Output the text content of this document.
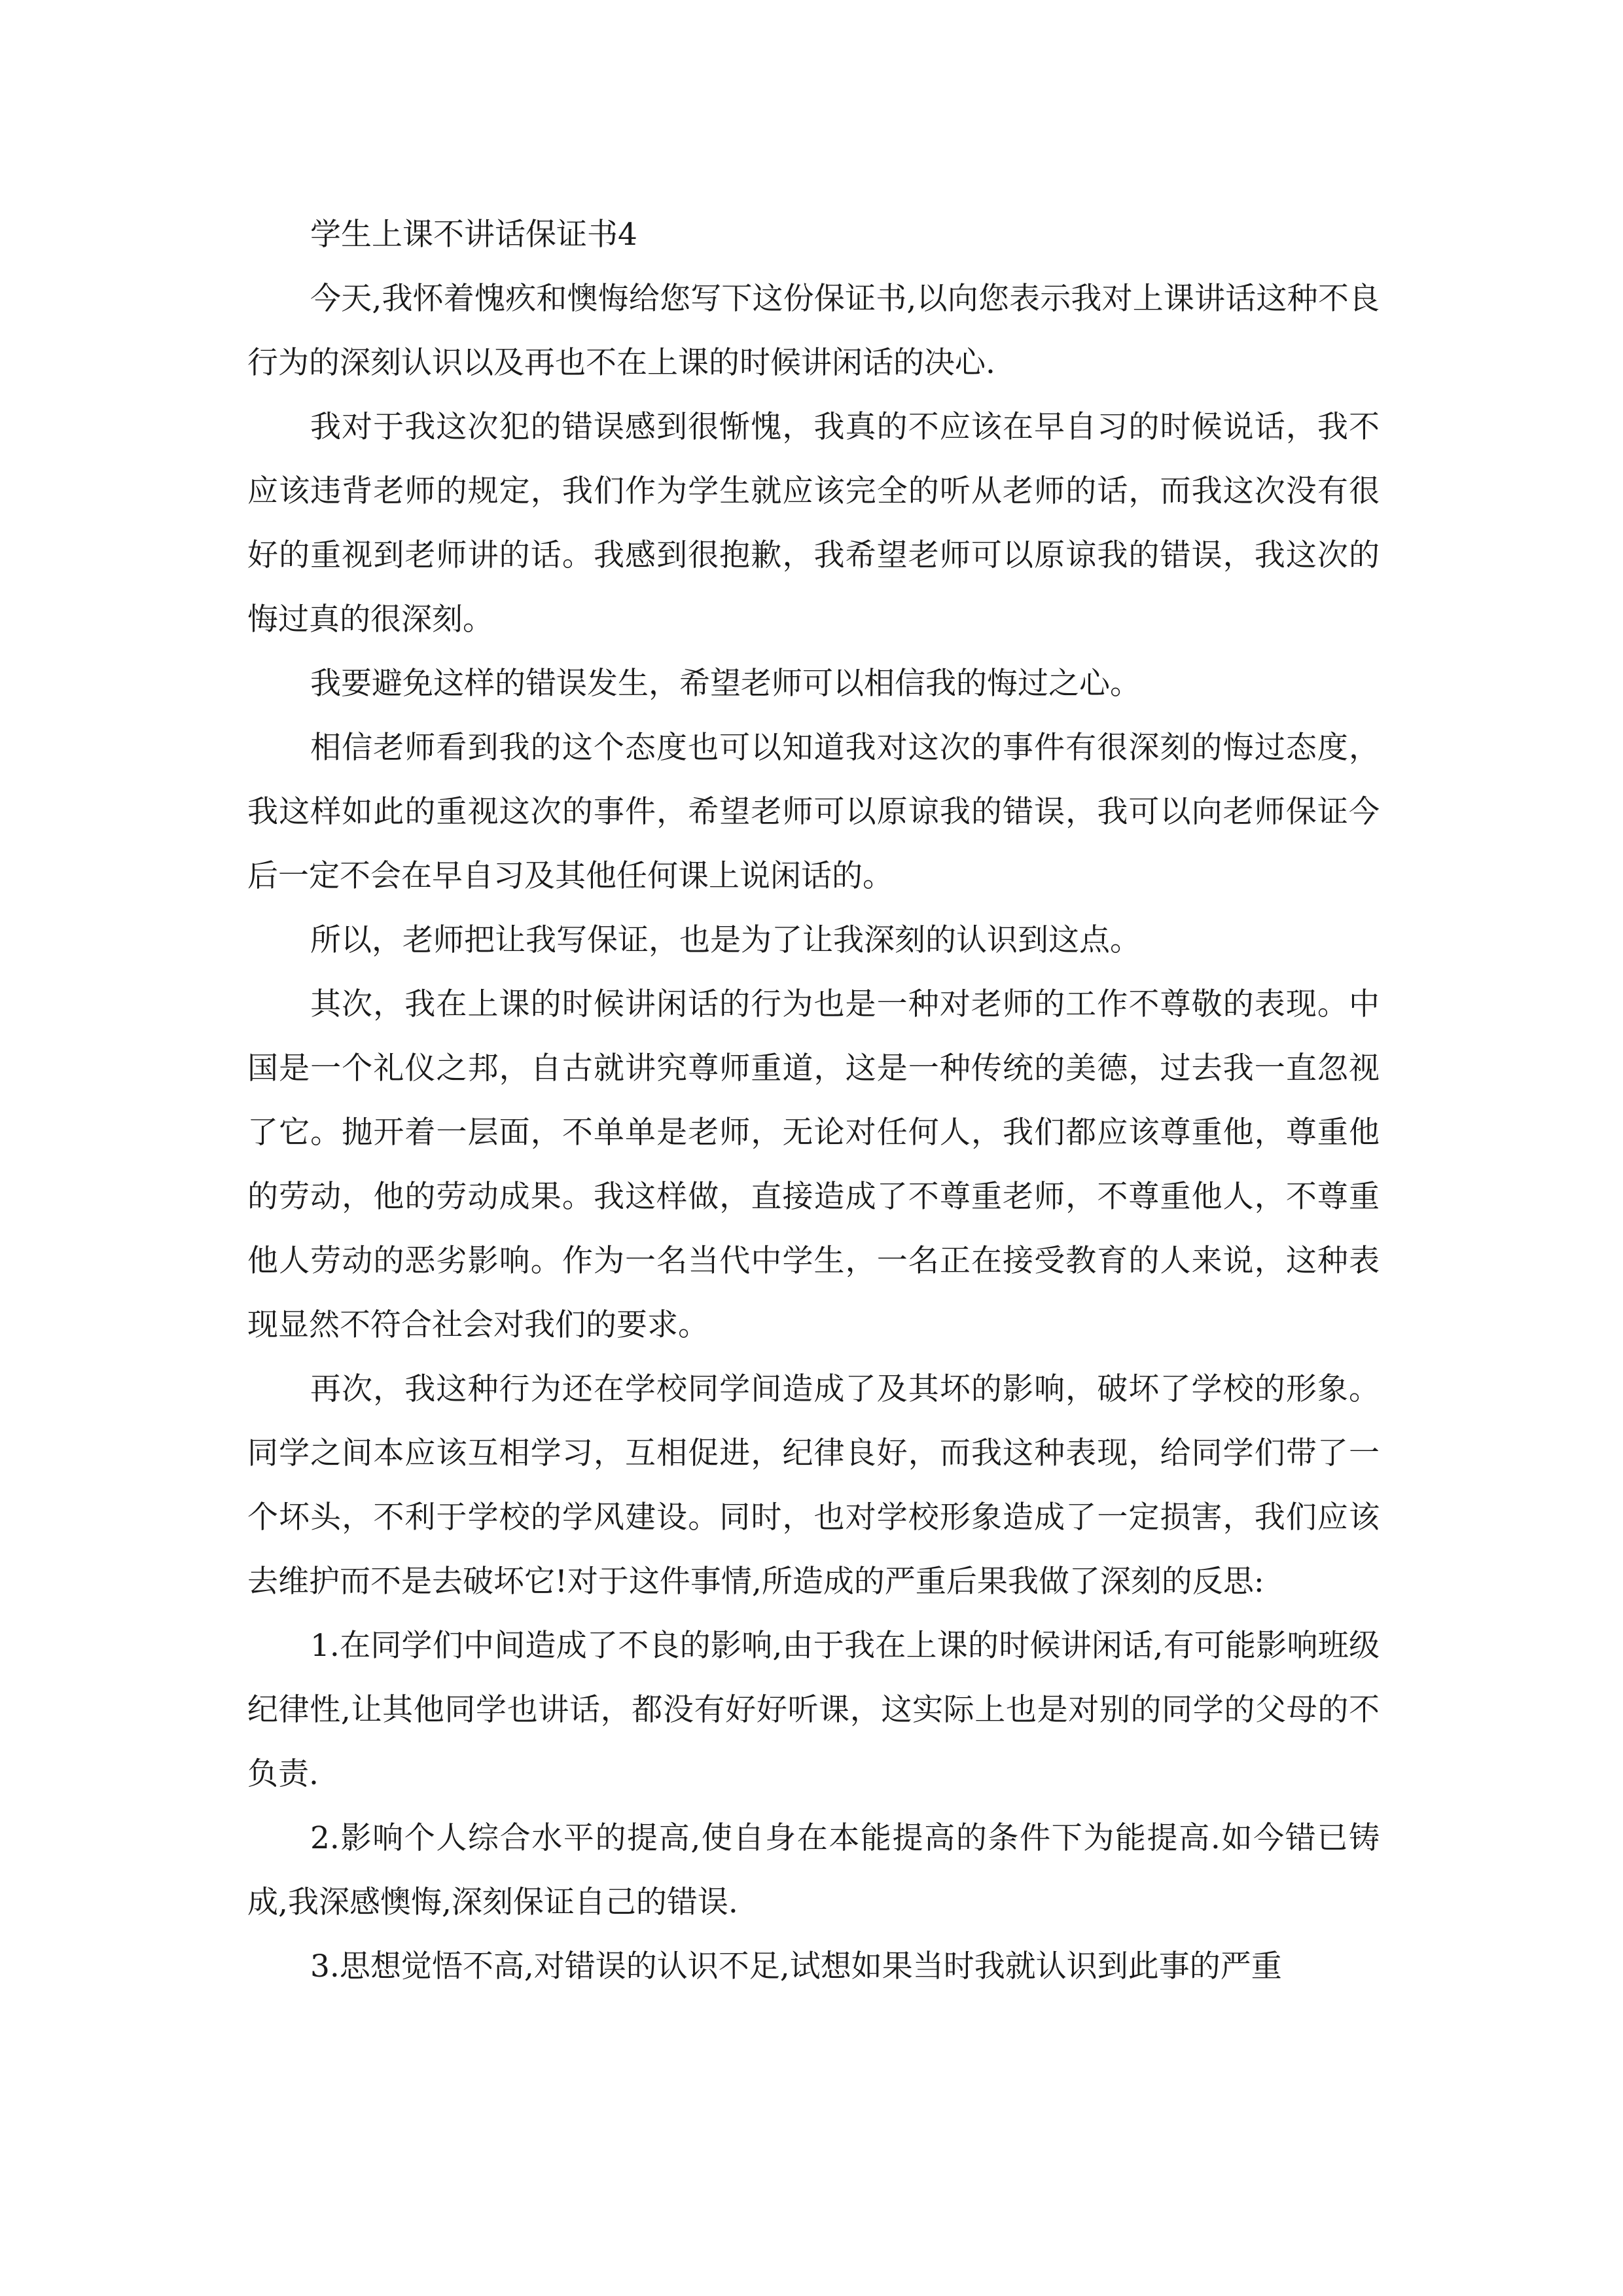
学生上课不讲话保证书4

今天,我怀着愧疚和懊悔给您写下这份保证书,以向您表示我对上课讲话这种不良行为的深刻认识以及再也不在上课的时候讲闲话的决心.

我对于我这次犯的错误感到很惭愧，我真的不应该在早自习的时候说话，我不应该违背老师的规定，我们作为学生就应该完全的听从老师的话，而我这次没有很好的重视到老师讲的话。我感到很抱歉，我希望老师可以原谅我的错误，我这次的悔过真的很深刻。

我要避免这样的错误发生，希望老师可以相信我的悔过之心。

相信老师看到我的这个态度也可以知道我对这次的事件有很深刻的悔过态度，我这样如此的重视这次的事件，希望老师可以原谅我的错误，我可以向老师保证今后一定不会在早自习及其他任何课上说闲话的。

所以，老师把让我写保证，也是为了让我深刻的认识到这点。

其次，我在上课的时候讲闲话的行为也是一种对老师的工作不尊敬的表现。中国是一个礼仪之邦，自古就讲究尊师重道，这是一种传统的美德，过去我一直忽视了它。抛开着一层面，不单单是老师，无论对任何人，我们都应该尊重他，尊重他的劳动，他的劳动成果。我这样做，直接造成了不尊重老师，不尊重他人，不尊重他人劳动的恶劣影响。作为一名当代中学生，一名正在接受教育的人来说，这种表现显然不符合社会对我们的要求。

再次，我这种行为还在学校同学间造成了及其坏的影响，破坏了学校的形象。同学之间本应该互相学习，互相促进，纪律良好，而我这种表现，给同学们带了一个坏头，不利于学校的学风建设。同时，也对学校形象造成了一定损害，我们应该去维护而不是去破坏它!对于这件事情,所造成的严重后果我做了深刻的反思:

1.在同学们中间造成了不良的影响,由于我在上课的时候讲闲话,有可能影响班级纪律性,让其他同学也讲话，都没有好好听课，这实际上也是对别的同学的父母的不负责.

2.影响个人综合水平的提高,使自身在本能提高的条件下为能提高.如今错已铸成,我深感懊悔,深刻保证自己的错误.

3.思想觉悟不高,对错误的认识不足,试想如果当时我就认识到此事的严重
